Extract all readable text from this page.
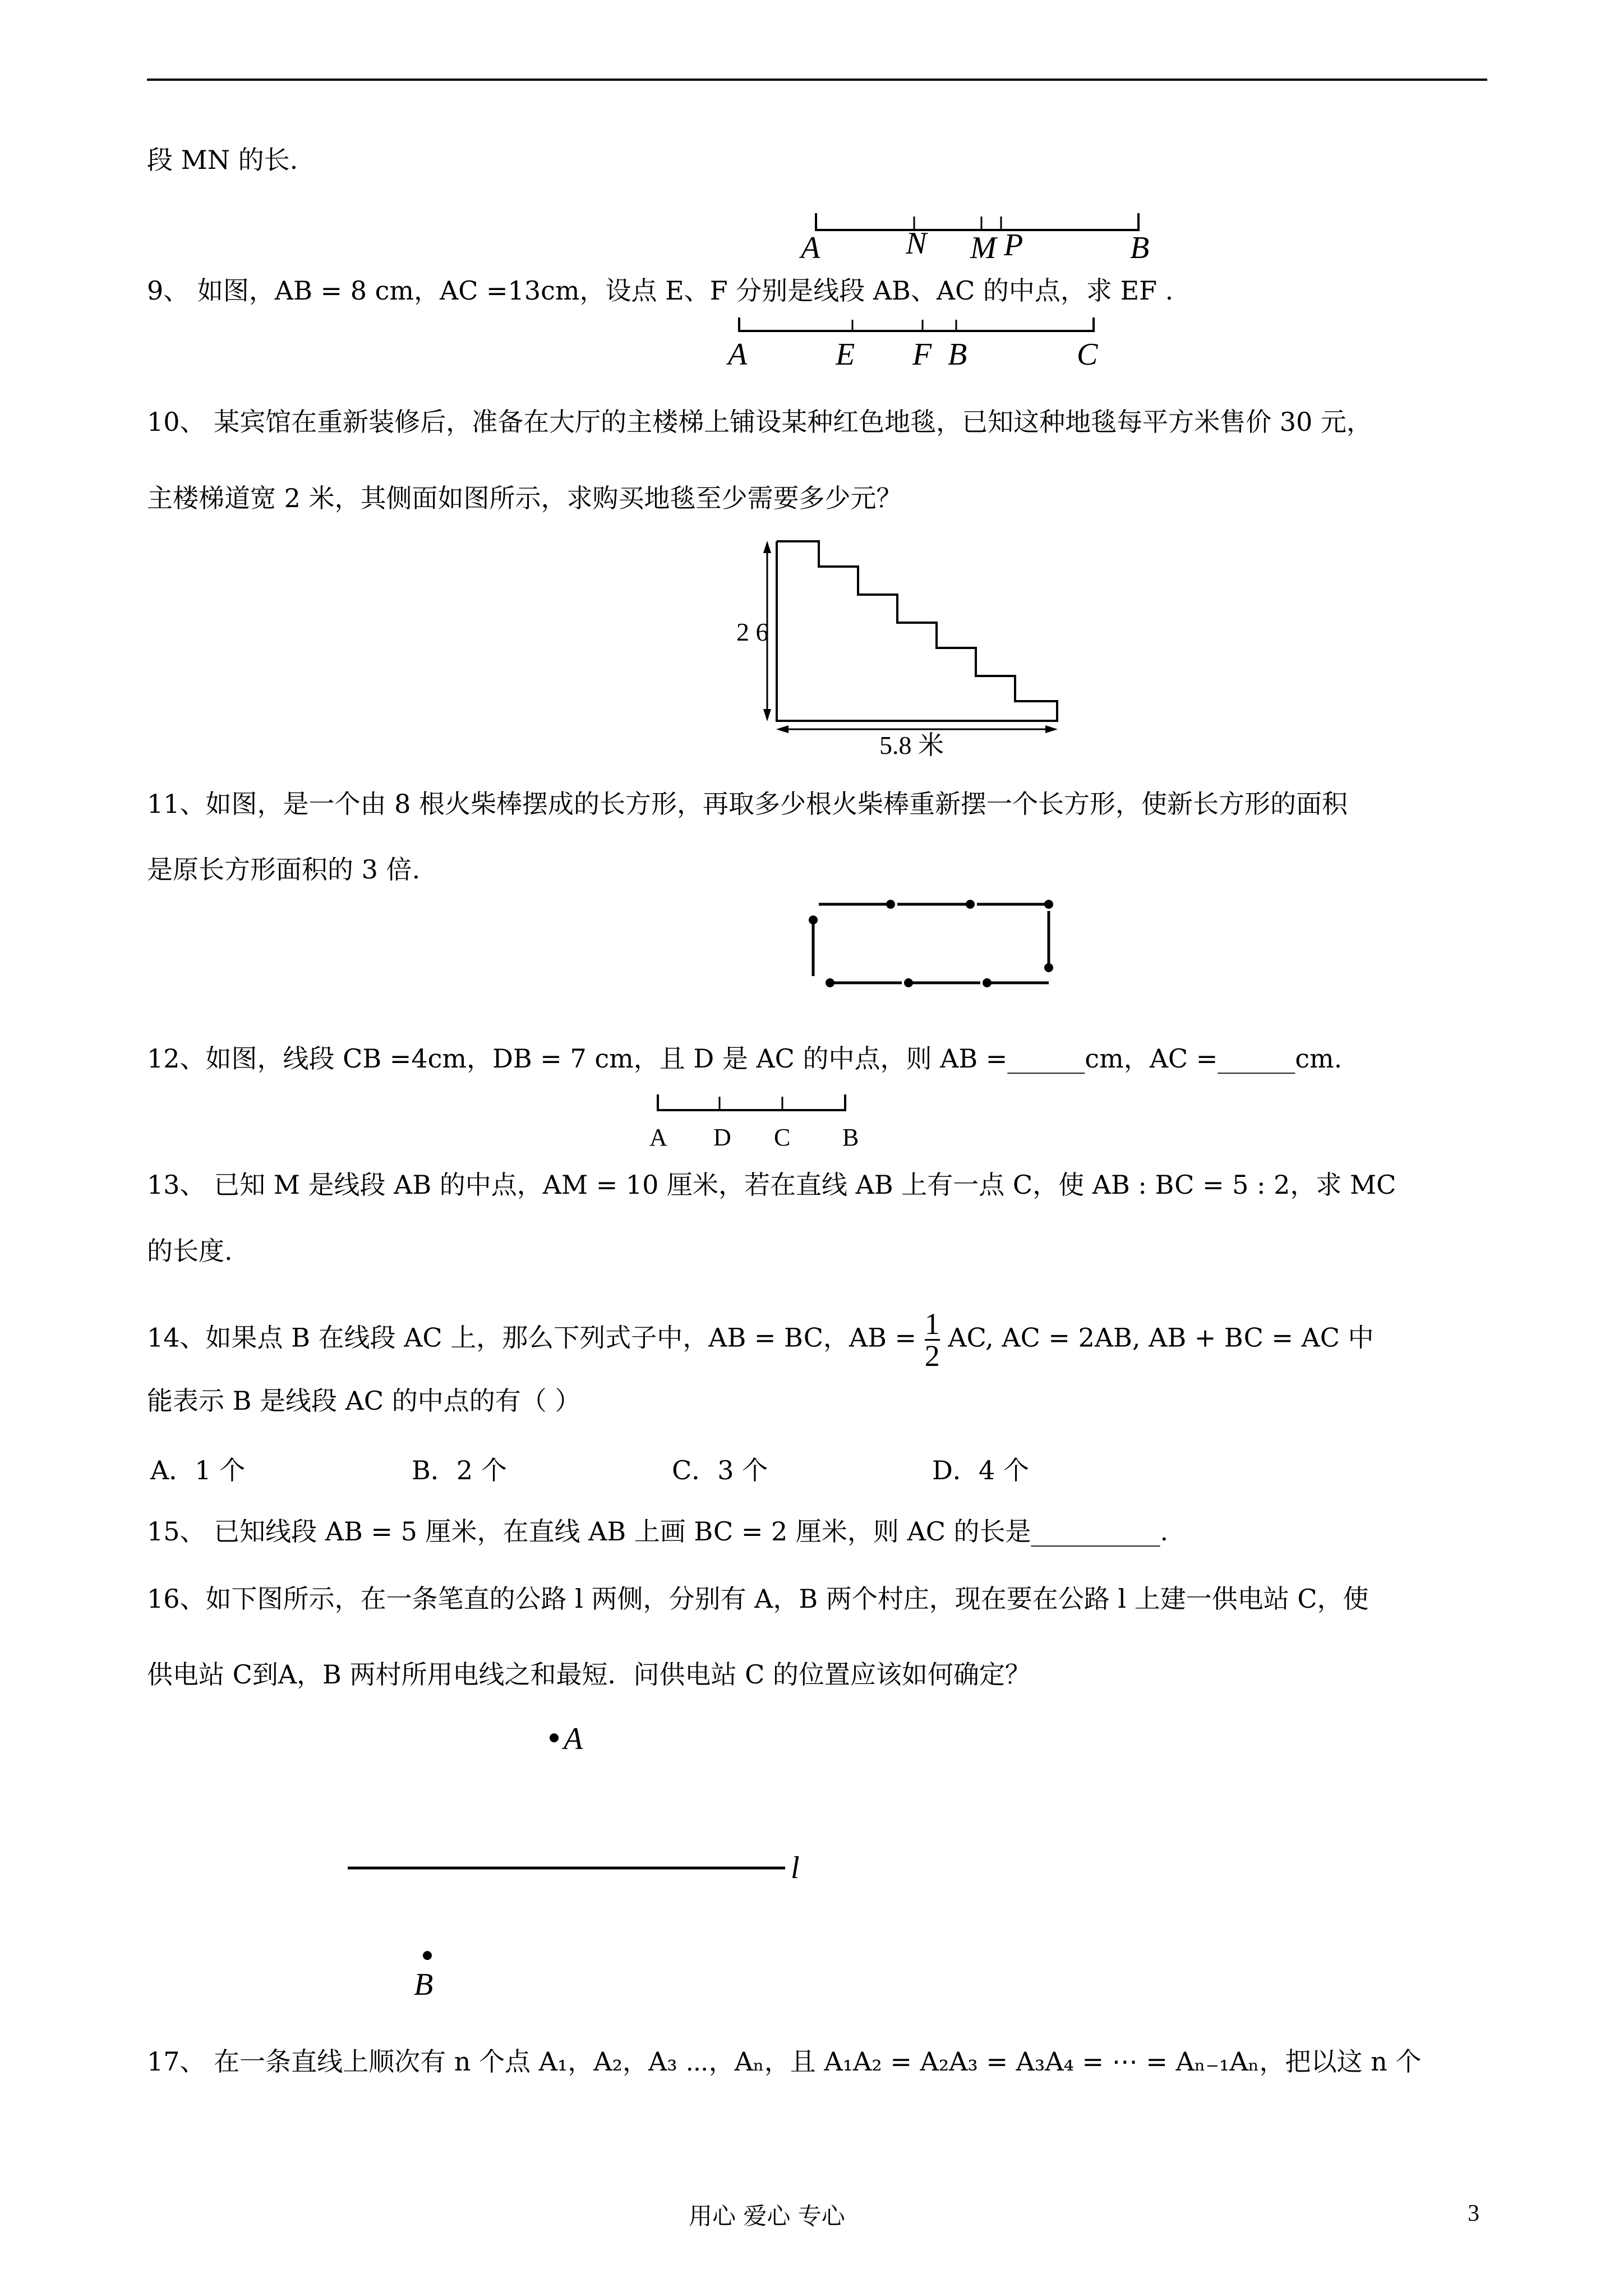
段 MN 的长.
A	N M P	B
9、 如图，AB = 8 cm，AC =13cm，设点 E、F 分别是线段 AB、AC 的中点，求 EF .
A	E F B	C
10、 某宾馆在重新装修后，准备在大厅的主楼梯上铺设某种红色地毯，已知这种地毯每平方米售价 30 元，
主楼梯道宽 2 米，其侧面如图所示，求购买地毯至少需要多少元？
2 6
5.8 米
11、如图，是一个由 8 根火柴棒摆成的长方形，再取多少根火柴棒重新摆一个长方形，使新长方形的面积
是原长方形面积的 3 倍.
12、如图，线段 CB =4cm，DB = 7 cm，且 D 是 AC 的中点，则 AB =______cm，AC =______cm.
A D C B
13、 已知 M 是线段 AB 的中点，AM = 10 厘米，若在直线 AB 上有一点 C，使 AB : BC = 5 : 2，求 MC
的长度.
14、如果点 B 在线段 AC 上，那么下列式子中，AB = BC，AB = $\frac{1}{2}$ AC, AC = 2AB, AB + BC = AC 中
能表示 B 是线段 AC 的中点的有（ ）
A．1 个	B．2 个	C．3 个	D．4 个
15、 已知线段 AB = 5 厘米，在直线 AB 上画 BC = 2 厘米，则 AC 的长是__________.
16、如下图所示，在一条笔直的公路 l 两侧，分别有 A，B 两个村庄，现在要在公路 l 上建一供电站 C，使
供电站 C到A，B 两村所用电线之和最短．问供电站 C 的位置应该如何确定？
A
l
B
17、 在一条直线上顺次有 n 个点 A₁，A₂，A₃ ⋯，Aₙ，且 A₁A₂ = A₂A₃ = A₃A₄ = ⋯ = Aₙ₋₁Aₙ，把以这 n 个
用心 爱心 专心	3
